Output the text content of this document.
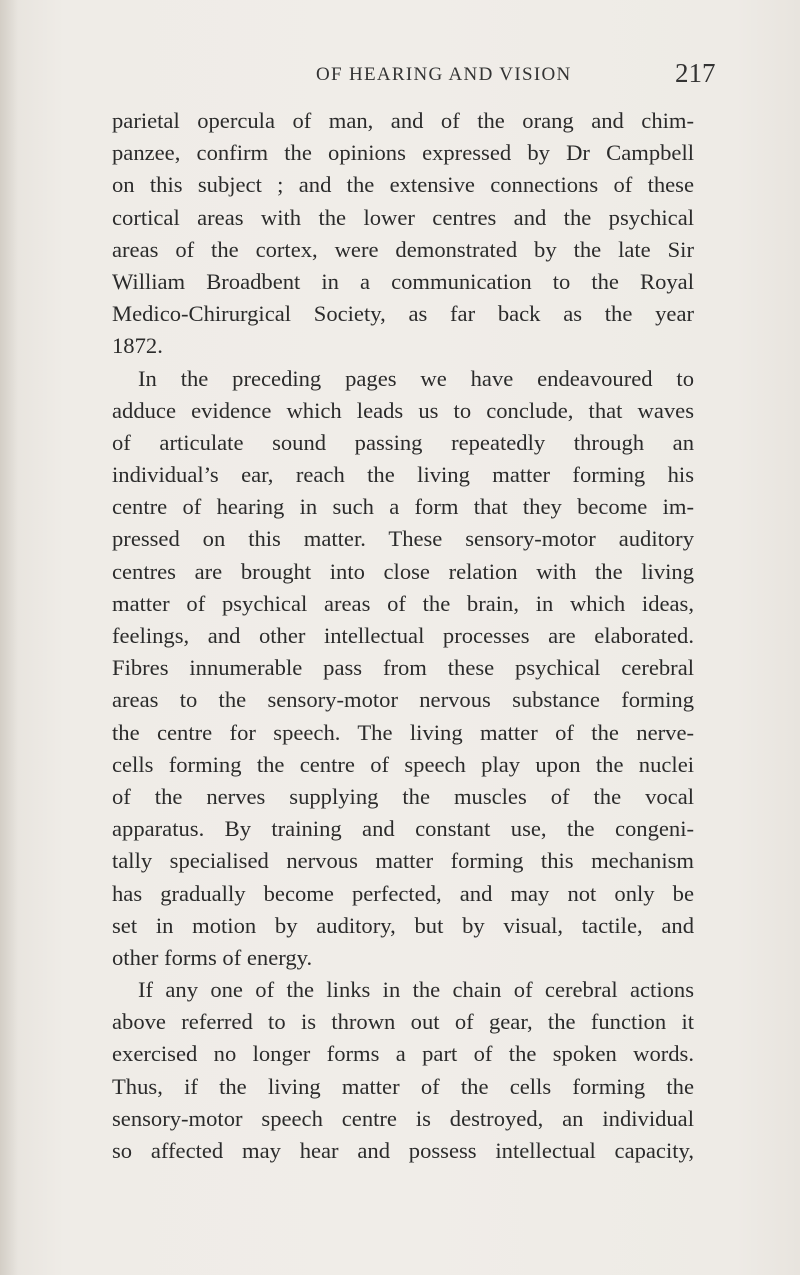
OF HEARING AND VISION	217
parietal opercula of man, and of the orang and chim-
panzee, confirm the opinions expressed by Dr Campbell
on this subject ; and the extensive connections of these
cortical areas with the lower centres and the psychical
areas of the cortex, were demonstrated by the late Sir
William Broadbent in a communication to the Royal
Medico-Chirurgical Society, as far back as the year
1872.
In the preceding pages we have endeavoured to
adduce evidence which leads us to conclude, that waves
of articulate sound passing repeatedly through an
individual’s ear, reach the living matter forming his
centre of hearing in such a form that they become im-
pressed on this matter. These sensory-motor auditory
centres are brought into close relation with the living
matter of psychical areas of the brain, in which ideas,
feelings, and other intellectual processes are elaborated.
Fibres innumerable pass from these psychical cerebral
areas to the sensory-motor nervous substance forming
the centre for speech. The living matter of the nerve-
cells forming the centre of speech play upon the nuclei
of the nerves supplying the muscles of the vocal
apparatus. By training and constant use, the congeni-
tally specialised nervous matter forming this mechanism
has gradually become perfected, and may not only be
set in motion by auditory, but by visual, tactile, and
other forms of energy.
If any one of the links in the chain of cerebral actions
above referred to is thrown out of gear, the function it
exercised no longer forms a part of the spoken words.
Thus, if the living matter of the cells forming the
sensory-motor speech centre is destroyed, an individual
so affected may hear and possess intellectual capacity,
